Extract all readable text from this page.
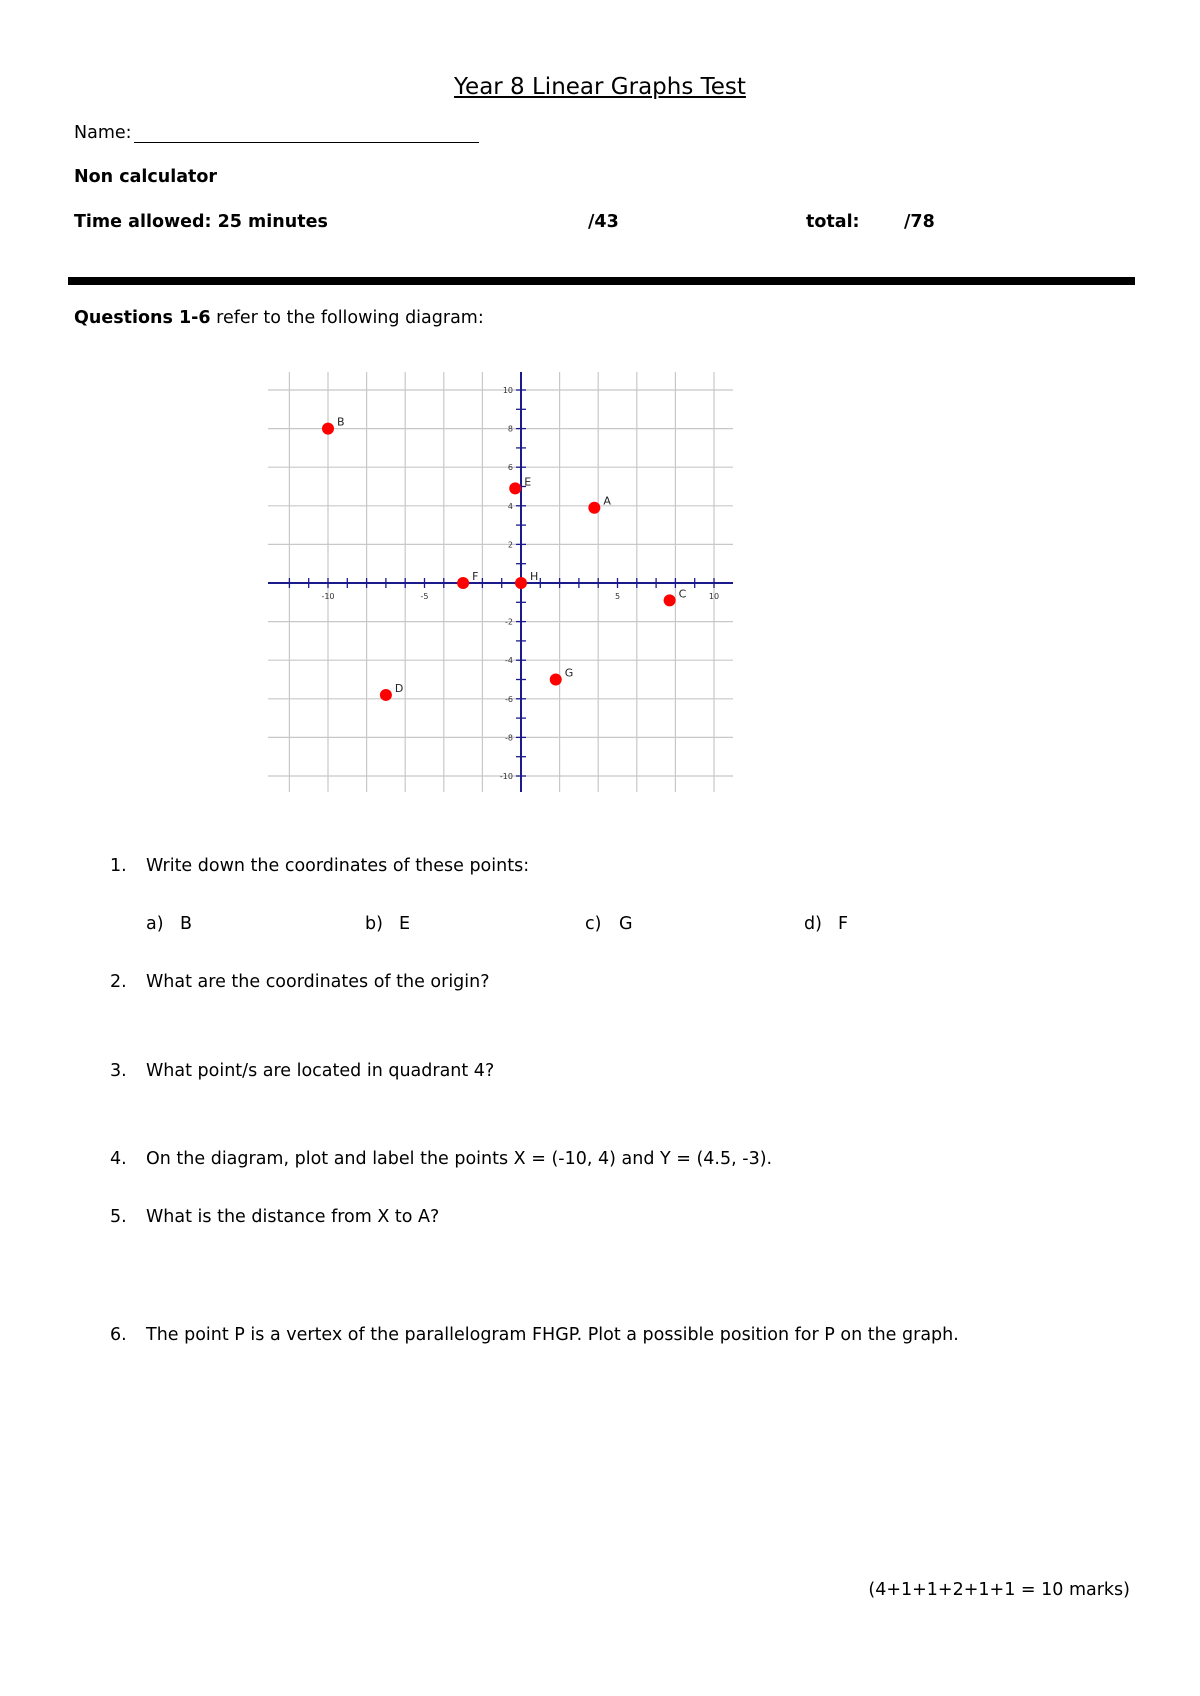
Year 8 Linear Graphs Test
Name:
Non calculator
Time allowed: 25 minutes	/43	total:	/78
Questions 1-6 refer to the following diagram:
-10	-5	5	10
10
8
6
4
2
-2
-4
-6
-8
-10
A
B
C
D
E
F
G
H
1. Write down the coordinates of these points:
a) B	b) E	c) G	d) F
2. What are the coordinates of the origin?
3. What point/s are located in quadrant 4?
4. On the diagram, plot and label the points X = (-10, 4) and Y = (4.5, -3).
5. What is the distance from X to A?
6. The point P is a vertex of the parallelogram FHGP. Plot a possible position for P on the graph.
(4+1+1+2+1+1 = 10 marks)
